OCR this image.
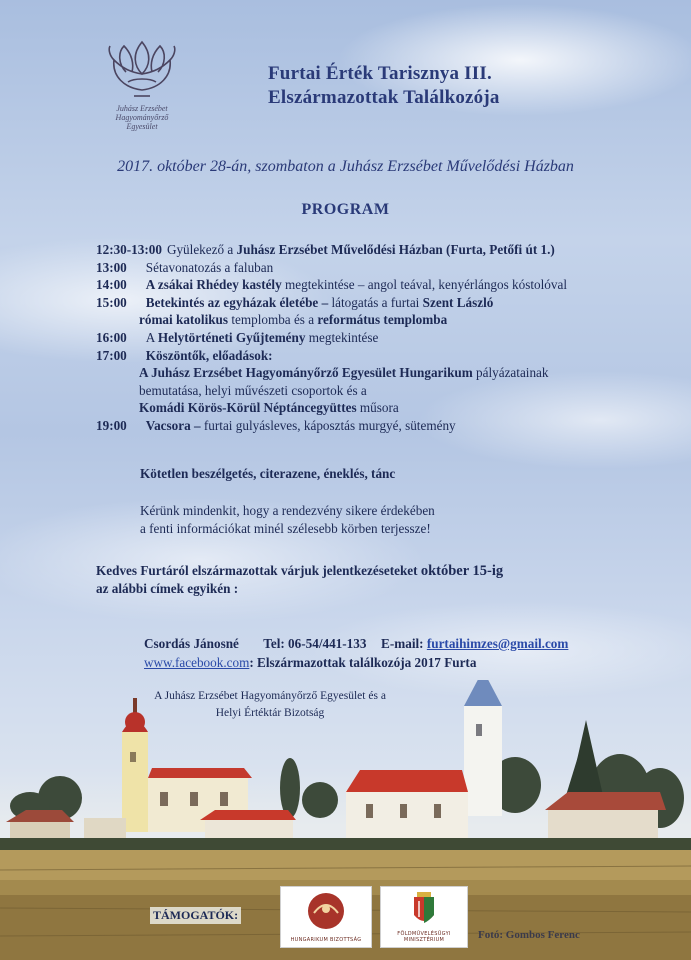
Juhász Erzsébet
Hagyományőrző
Egyesület
Furtai Érték Tarisznya III.
Elszármazottak Találkozója
2017. október 28-án, szombaton a Juhász Erzsébet Művelődési Házban
PROGRAM
12:30-13:00 Gyülekező a Juhász Erzsébet Művelődési Házban (Furta, Petőfi út 1.)
13:00 Sétavonatozás a faluban
14:00 A zsákai Rhédey kastély megtekintése – angol teával, kenyérlángos kóstolóval
15:00 Betekintés az egyházak életébe – látogatás a furtai Szent László
római katolikus templomba és a református templomba
16:00 A Helytörténeti Gyűjtemény megtekintése
17:00 Köszöntők, előadások:
A Juhász Erzsébet Hagyományőrző Egyesület Hungarikum pályázatainak
bemutatása, helyi művészeti csoportok és a
Komádi Körös-Körül Néptáncegyüttes műsora
19:00 Vacsora – furtai gulyásleves, káposztás murgyé, sütemény
Kötetlen beszélgetés, citerazene, éneklés, tánc
Kérünk mindenkit, hogy a rendezvény sikere érdekében
a fenti információkat minél szélesebb körben terjessze!
Kedves Furtáról elszármazottak várjuk jelentkezéseteket október 15-ig
az alábbi címek egyikén :
Csordás Jánosné Tel: 06-54/441-133 E-mail: furtaihimzes@gmail.com
www.facebook.com: Elszármazottak találkozója 2017 Furta
A Juhász Erzsébet Hagyományőrző Egyesület és a
Helyi Értéktár Bizotság
TÁMOGATÓK:
HUNGARIKUM BIZOTTSÁG
FÖLDMŰVELÉSÜGYI MINISZTÉRIUM	Fotó: Gombos Ferenc
